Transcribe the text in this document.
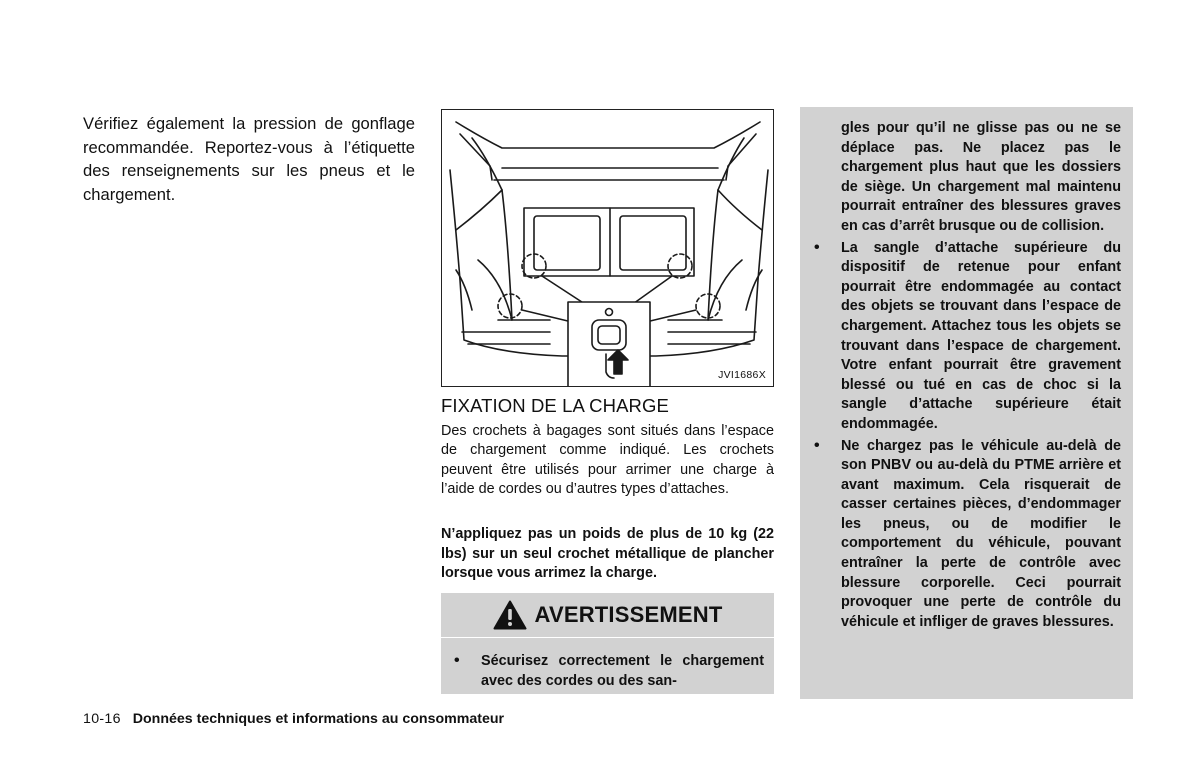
Vérifiez également la pression de gonflage recommandée. Reportez-vous à l’étiquette des renseignements sur les pneus et le chargement.

JVI1686X
FIXATION DE LA CHARGE

Des crochets à bagages sont situés dans l’espace de chargement comme indiqué. Les crochets peuvent être utilisés pour arrimer une charge à l’aide de cordes ou d’autres types d’attaches.

N’appliquez pas un poids de plus de 10 kg (22 lbs) sur un seul crochet métallique de plancher lorsque vous arrimez la charge.

AVERTISSEMENT
• Sécurisez correctement le chargement avec des cordes ou des san-

gles pour qu’il ne glisse pas ou ne se déplace pas. Ne placez pas le chargement plus haut que les dossiers de siège. Un chargement mal maintenu pourrait entraîner des blessures graves en cas d’arrêt brusque ou de collision.

• La sangle d’attache supérieure du dispositif de retenue pour enfant pourrait être endommagée au contact des objets se trouvant dans l’espace de chargement. Attachez tous les objets se trouvant dans l’espace de chargement. Votre enfant pourrait être gravement blessé ou tué en cas de choc si la sangle d’attache supérieure était endommagée.
• Ne chargez pas le véhicule au-delà de son PNBV ou au-delà du PTME arrière et avant maximum. Cela risquerait de casser certaines pièces, d’endommager les pneus, ou de modifier le comportement du véhicule, pouvant entraîner la perte de contrôle avec blessure corporelle. Ceci pourrait provoquer une perte de contrôle du véhicule et infliger de graves blessures.
10-16 Données techniques et informations au consommateur
